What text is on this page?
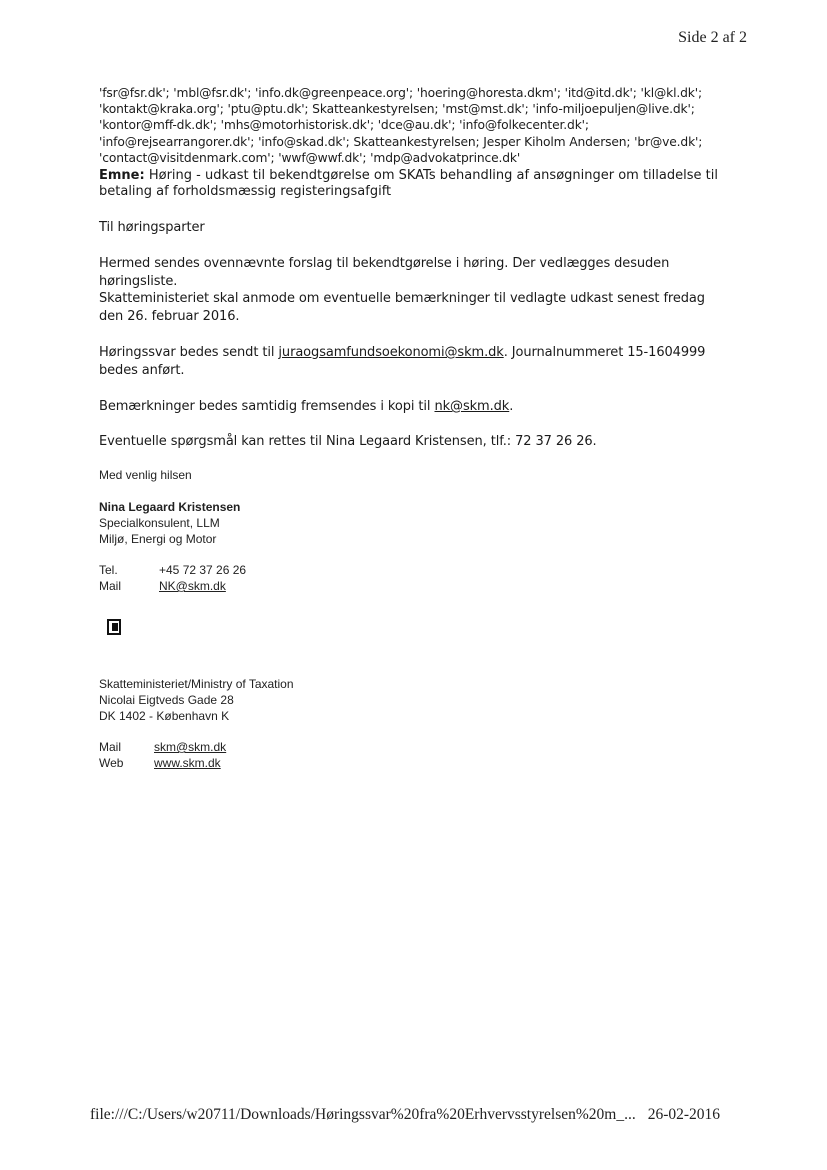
Side 2 af 2
'fsr@fsr.dk'; 'mbl@fsr.dk'; 'info.dk@greenpeace.org'; 'hoering@horesta.dkm'; 'itd@itd.dk'; 'kl@kl.dk';
'kontakt@kraka.org'; 'ptu@ptu.dk'; Skatteankestyrelsen; 'mst@mst.dk'; 'info-miljoepuljen@live.dk';
'kontor@mff-dk.dk'; 'mhs@motorhistorisk.dk'; 'dce@au.dk'; 'info@folkecenter.dk';
'info@rejsearrangorer.dk'; 'info@skad.dk'; Skatteankestyrelsen; Jesper Kiholm Andersen; 'br@ve.dk';
'contact@visitdenmark.com'; 'wwf@wwf.dk'; 'mdp@advokatprince.dk'
Emne: Høring - udkast til bekendtgørelse om SKATs behandling af ansøgninger om tilladelse til betaling af forholdsmæssig registeringsafgift
Til høringsparter
Hermed sendes ovennævnte forslag til bekendtgørelse i høring. Der vedlægges desuden høringsliste.
Skatteministeriet skal anmode om eventuelle bemærkninger til vedlagte udkast senest fredag den 26. februar 2016.
Høringssvar bedes sendt til juraogsamfundsoekonomi@skm.dk. Journalnummeret 15-1604999 bedes anført.
Bemærkninger bedes samtidig fremsendes i kopi til nk@skm.dk.
Eventuelle spørgsmål kan rettes til Nina Legaard Kristensen, tlf.: 72 37 26 26.
Med venlig hilsen
Nina Legaard Kristensen
Specialkonsulent, LLM
Miljø, Energi og Motor
Tel.	+45 72 37 26 26
Mail	NK@skm.dk
Skatteministeriet/Ministry of Taxation
Nicolai Eigtveds Gade 28
DK 1402 - København K
Mail	skm@skm.dk
Web	www.skm.dk
file:///C:/Users/w20711/Downloads/Høringssvar%20fra%20Erhvervsstyrelsen%20m_... 26-02-2016
